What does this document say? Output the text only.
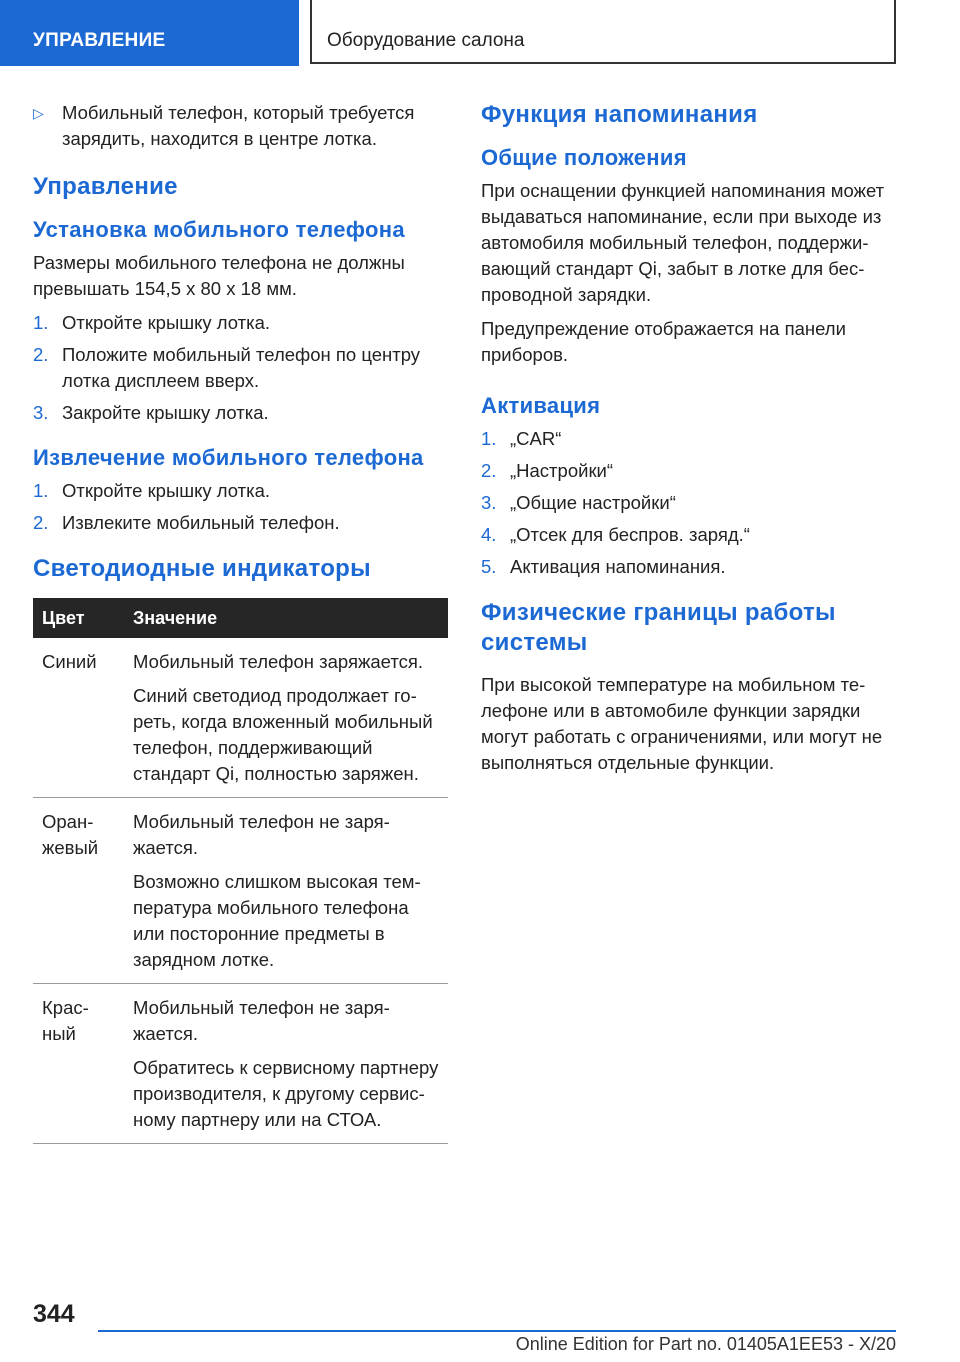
УПРАВЛЕНИЕ	Оборудование салона

▷ Мобильный телефон, который требуется зарядить, находится в центре лотка.

Управление
Установка мобильного телефона

Размеры мобильного телефона не должны превышать 154,5 x 80 x 18 мм.

1. Откройте крышку лотка.
2. Положите мобильный телефон по центру лотка дисплеем вверх.
3. Закройте крышку лотка.
Извлечение мобильного телефона
1. Откройте крышку лотка.
2. Извлеките мобильный телефон.
Светодиодные индикаторы
Цвет	Значение
Синий	Мобильный телефон заряжается.

Синий светодиод продолжает гореть, когда вложенный мобильный телефон, поддерживающий стандарт Qi, полностью заряжен.

Оранжевый	Мобильный телефон не заряжается.

Возможно слишком высокая температура мобильного телефона или посторонние предметы в зарядном лотке.

Красный	Мобильный телефон не заряжается.

Обратитесь к сервисному партнеру производителя, к другому сервисному партнеру или на СТОА.

Функция напоминания
Общие положения

При оснащении функцией напоминания может выдаваться напоминание, если при выходе из автомобиля мобильный телефон, поддерживающий стандарт Qi, забыт в лотке для беспроводной зарядки.

Предупреждение отображается на панели приборов.

Активация
1. „CAR“
2. „Настройки“
3. „Общие настройки“
4. „Отсек для беспров. заряд.“
5. Активация напоминания.
Физические границы работы системы

При высокой температуре на мобильном телефоне или в автомобиле функции зарядки могут работать с ограничениями, или могут не выполняться отдельные функции.

344
Online Edition for Part no. 01405A1EE53 - X/20
